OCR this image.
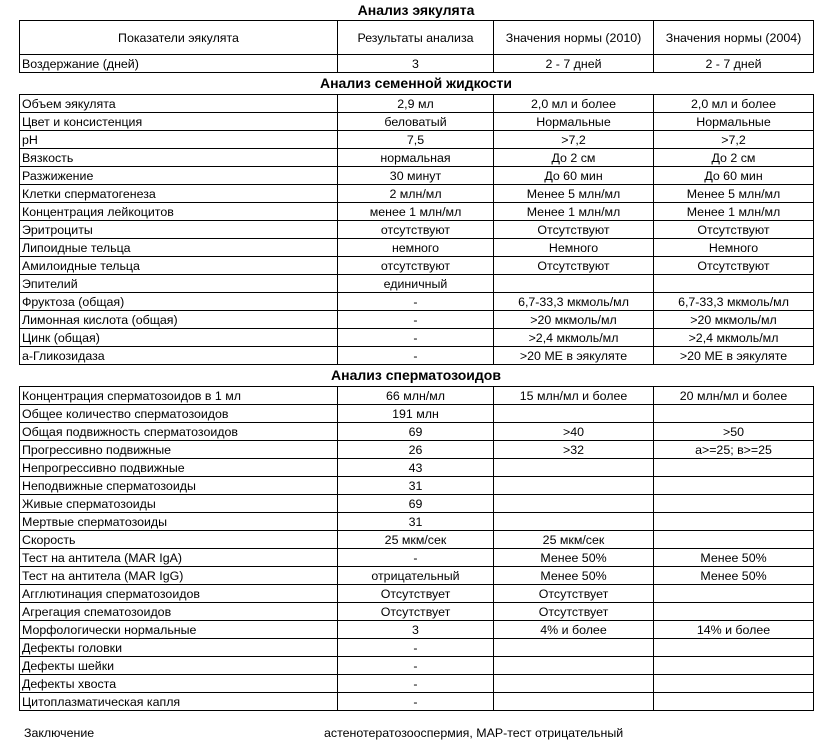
Анализ эякулята
Показатели эякулята	Результаты анализа	Значения нормы (2010)	Значения нормы (2004)
Воздержание (дней)	3	2 - 7 дней	2 - 7 дней
Анализ семенной жидкости
Объем эякулята	2,9 мл	2,0 мл и более	2,0 мл и более
Цвет и консистенция	беловатый	Нормальные	Нормальные
pH	7,5	>7,2	>7,2
Вязкость	нормальная	До 2 см	До 2 см
Разжижение	30 минут	До 60 мин	До 60 мин
Клетки сперматогенеза	2 млн/мл	Менее 5 млн/мл	Менее 5 млн/мл
Концентрация лейкоцитов	менее 1 млн/мл	Менее 1 млн/мл	Менее 1 млн/мл
Эритроциты	отсутствуют	Отсутствуют	Отсутствуют
Липоидные тельца	немного	Немного	Немного
Амилоидные тельца	отсутствуют	Отсутствуют	Отсутствуют
Эпителий	единичный		
Фруктоза (общая)	-	6,7-33,3 мкмоль/мл	6,7-33,3 мкмоль/мл
Лимонная кислота (общая)	-	>20 мкмоль/мл	>20 мкмоль/мл
Цинк (общая)	-	>2,4 мкмоль/мл	>2,4 мкмоль/мл
а-Гликозидаза	-	>20 МЕ в эякуляте	>20 МЕ в эякуляте
Анализ сперматозоидов
Концентрация сперматозоидов в 1 мл	66 млн/мл	15 млн/мл и более	20 млн/мл и более
Общее количество сперматозоидов	191 млн		
Общая подвижность сперматозоидов	69	>40	>50
Прогрессивно подвижные	26	>32	a>=25; в>=25
Непрогрессивно подвижные	43		
Неподвижные сперматозоиды	31		
Живые сперматозоиды	69		
Мертвые сперматозоиды	31		
Скорость	25 мкм/сек	25 мкм/сек	
Тест на антитела (MAR IgA)	-	Менее 50%	Менее 50%
Тест на антитела (MAR IgG)	отрицательный	Менее 50%	Менее 50%
Агглютинация сперматозоидов	Отсутствует	Отсутствует	
Агрегация спематозоидов	Отсутствует	Отсутствует	
Морфологически нормальные	3	4% и более	14% и более
Дефекты головки	-		
Дефекты шейки	-		
Дефекты хвоста	-		
Цитоплазматическая капля	-		
Заключение	астенотератозооспермия, МАР-тест отрицательный
